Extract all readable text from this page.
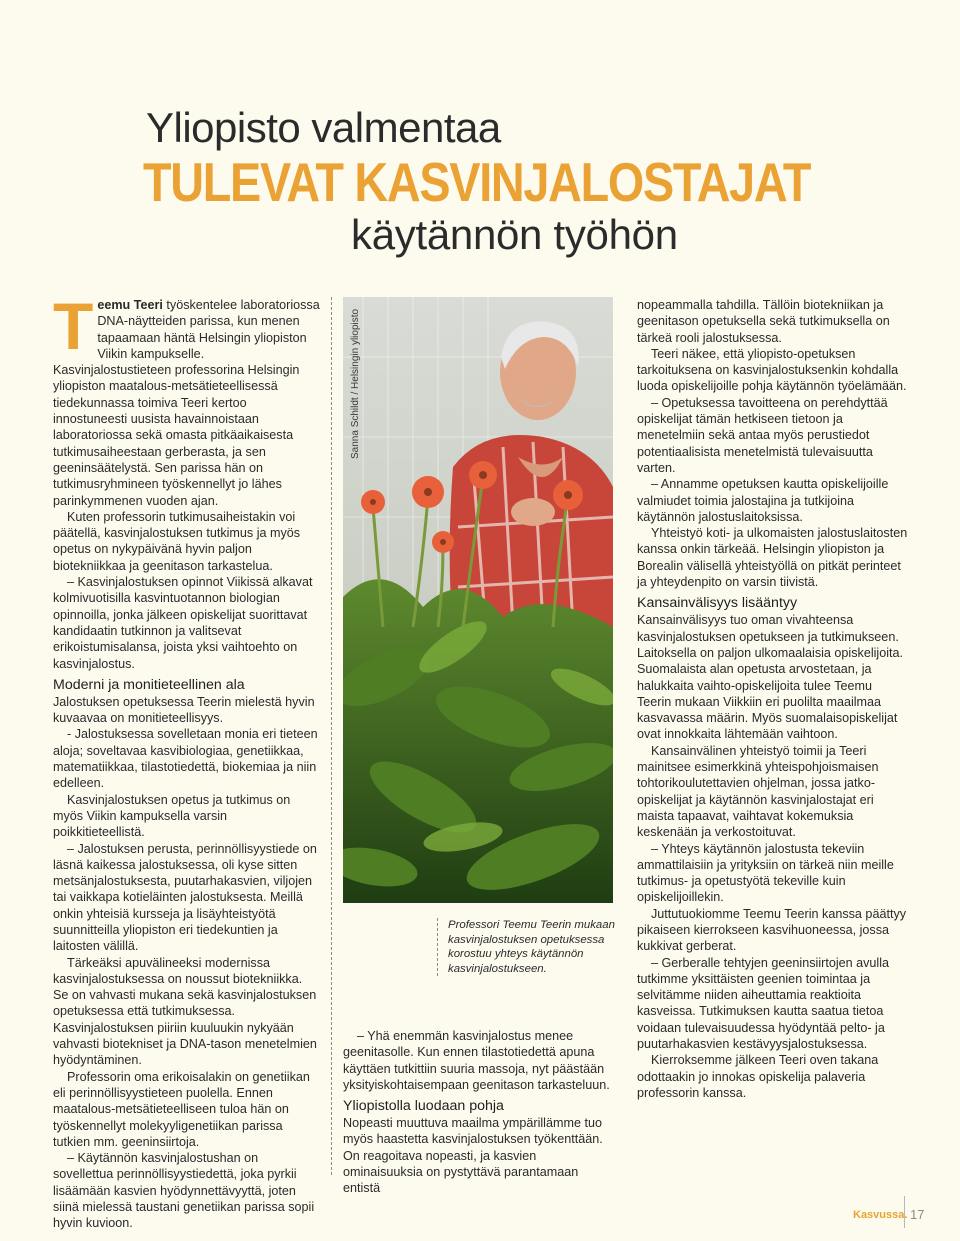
Yliopisto valmentaa
TULEVAT KASVINJALOSTAJAT
käytännön työhön

Teemu Teeri työskentelee laboratoriossa DNA-näytteiden parissa, kun menen tapaamaan häntä Helsingin yliopiston Viikin kampukselle. Kasvinjalostustieteen professorina Helsingin yliopiston maatalous-metsätieteellisessä tiedekunnassa toimiva Teeri kertoo innostuneesti uusista havainnoistaan laboratoriossa sekä omasta pitkäaikaisesta tutkimusaiheestaan gerberasta, ja sen geeninsäätelystä. Sen parissa hän on tutkimusryhmineen työskennellyt jo lähes parinkymmenen vuoden ajan.

Kuten professorin tutkimusaiheistakin voi päätellä, kasvinjalostuksen tutkimus ja myös opetus on nykypäivänä hyvin paljon biotekniikkaa ja geenitason tarkastelua.

– Kasvinjalostuksen opinnot Viikissä alkavat kolmivuotisilla kasvintuotannon biologian opinnoilla, jonka jälkeen opiskelijat suorittavat kandidaatin tutkinnon ja valitsevat erikoistumisalansa, joista yksi vaihtoehto on kasvinjalostus.

Moderni ja monitieteellinen ala

Jalostuksen opetuksessa Teerin mielestä hyvin kuvaavaa on monitieteellisyys.

- Jalostuksessa sovelletaan monia eri tieteen aloja; soveltavaa kasvibiologiaa, genetiikkaa, matematiikkaa, tilastotiedettä, biokemiaa ja niin edelleen.

Kasvinjalostuksen opetus ja tutkimus on myös Viikin kampuksella varsin poikkitieteellistä.

– Jalostuksen perusta, perinnöllisyystiede on läsnä kaikessa jalostuksessa, oli kyse sitten metsänjalostuksesta, puutarhakasvien, viljojen tai vaikkapa kotieläinten jalostuksesta. Meillä onkin yhteisiä kursseja ja lisäyhteistyötä suunnitteilla yliopiston eri tiedekuntien ja laitosten välillä.

Tärkeäksi apuvälineeksi modernissa kasvinjalostuksessa on noussut biotekniikka. Se on vahvasti mukana sekä kasvinjalostuksen opetuksessa että tutkimuksessa. Kasvinjalostuksen piiriin kuuluukin nykyään vahvasti biotekniset ja DNA-tason menetelmien hyödyntäminen.

Professorin oma erikoisalakin on genetiikan eli perinnöllisyystieteen puolella. Ennen maatalous-metsätieteelliseen tuloa hän on työskennellyt molekyyligenetiikan parissa tutkien mm. geeninsiirtoja.

– Käytännön kasvinjalostushan on sovellettua perinnöllisyystiedettä, joka pyrkii lisäämään kasvien hyödynnettävyyttä, joten siinä mielessä taustani genetiikan parissa sopii hyvin kuvioon.

Sanna Schildt / Helsingin yliopisto
Professori Teemu Teerin mukaan kasvinjalostuksen opetuksessa korostuu yhteys käytännön kasvinjalostukseen.

– Yhä enemmän kasvinjalostus menee geenitasolle. Kun ennen tilastotiedettä apuna käyttäen tutkittiin suuria massoja, nyt päästään yksityiskohtaisempaan geenitason tarkasteluun.

Yliopistolla luodaan pohja

Nopeasti muuttuva maailma ympärillämme tuo myös haastetta kasvinjalostuksen työkenttään. On reagoitava nopeasti, ja kasvien ominaisuuksia on pystyttävä parantamaan entistä

nopeammalla tahdilla. Tällöin biotekniikan ja geenitason opetuksella sekä tutkimuksella on tärkeä rooli jalostuksessa.

Teeri näkee, että yliopisto-opetuksen tarkoituksena on kasvinjalostuksenkin kohdalla luoda opiskelijoille pohja käytännön työelämään.

– Opetuksessa tavoitteena on perehdyttää opiskelijat tämän hetkiseen tietoon ja menetelmiin sekä antaa myös perustiedot potentiaalisista menetelmistä tulevaisuutta varten.

– Annamme opetuksen kautta opiskelijoille valmiudet toimia jalostajina ja tutkijoina käytännön jalostuslaitoksissa.

Yhteistyö koti- ja ulkomaisten jalostuslaitosten kanssa onkin tärkeää. Helsingin yliopiston ja Borealin välisellä yhteistyöllä on pitkät perinteet ja yhteydenpito on varsin tiivistä.

Kansainvälisyys lisääntyy

Kansainvälisyys tuo oman vivahteensa kasvinjalostuksen opetukseen ja tutkimukseen. Laitoksella on paljon ulkomaalaisia opiskelijoita. Suomalaista alan opetusta arvostetaan, ja halukkaita vaihto-opiskelijoita tulee Teemu Teerin mukaan Viikkiin eri puolilta maailmaa kasvavassa määrin. Myös suomalaisopiskelijat ovat innokkaita lähtemään vaihtoon.

Kansainvälinen yhteistyö toimii ja Teeri mainitsee esimerkkinä yhteispohjoismaisen tohtorikoulutettavien ohjelman, jossa jatko-opiskelijat ja käytännön kasvinjalostajat eri maista tapaavat, vaihtavat kokemuksia keskenään ja verkostoituvat.

– Yhteys käytännön jalostusta tekeviin ammattilaisiin ja yrityksiin on tärkeä niin meille tutkimus- ja opetustyötä tekeville kuin opiskelijoillekin.

Juttutuokiomme Teemu Teerin kanssa päättyy pikaiseen kierrokseen kasvihuoneessa, jossa kukkivat gerberat.

– Gerberalle tehtyjen geeninsiirtojen avulla tutkimme yksittäisten geenien toimintaa ja selvitämme niiden aiheuttamia reaktioita kasveissa. Tutkimuksen kautta saatua tietoa voidaan tulevaisuudessa hyödyntää pelto- ja puutarhakasvien kestävyysjalostuksessa.

Kierroksemme jälkeen Teeri oven takana odottaakin jo innokas opiskelija palaveria professorin kanssa.

Kasvussa. 17
